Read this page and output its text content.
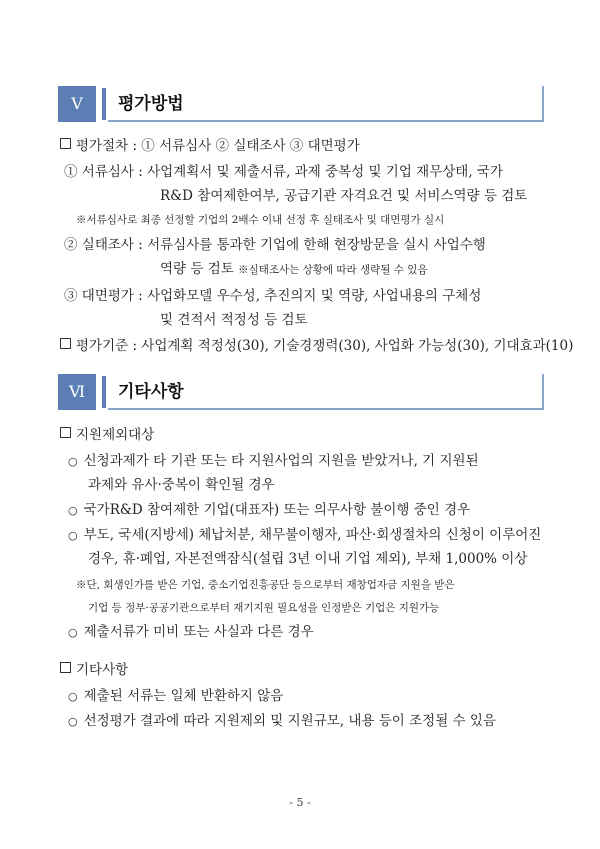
Ⅴ	평가방법
평가절차 : ① 서류심사 ② 실태조사 ③ 대면평가
① 서류심사 : 사업계획서 및 제출서류, 과제 중복성 및 기업 재무상태, 국가
R&D 참여제한여부, 공급기관 자격요건 및 서비스역량 등 검토
※서류심사로 최종 선정할 기업의 2배수 이내 선정 후 실태조사 및 대면평가 실시
② 실태조사 : 서류심사를 통과한 기업에 한해 현장방문을 실시 사업수행
역량 등 검토 ※실태조사는 상황에 따라 생략될 수 있음
③ 대면평가 : 사업화모델 우수성, 추진의지 및 역량, 사업내용의 구체성
및 견적서 적정성 등 검토
평가기준 : 사업계획 적정성(30), 기술경쟁력(30), 사업화 가능성(30), 기대효과(10)
Ⅵ	기타사항
지원제외대상
○ 신청과제가 타 기관 또는 타 지원사업의 지원을 받았거나, 기 지원된
과제와 유사·중복이 확인될 경우
○ 국가R&D 참여제한 기업(대표자) 또는 의무사항 불이행 중인 경우
○ 부도, 국세(지방세) 체납처분, 채무불이행자, 파산·회생절차의 신청이 이루어진
경우, 휴·폐업, 자본전액잠식(설립 3년 이내 기업 제외), 부채 1,000% 이상
※단, 회생인가를 받은 기업, 중소기업진흥공단 등으로부터 재창업자금 지원을 받은
기업 등 정부·공공기관으로부터 재기지원 필요성을 인정받은 기업은 지원가능
○ 제출서류가 미비 또는 사실과 다른 경우
기타사항
○ 제출된 서류는 일체 반환하지 않음
○ 선정평가 결과에 따라 지원제외 및 지원규모, 내용 등이 조정될 수 있음
- 5 -
